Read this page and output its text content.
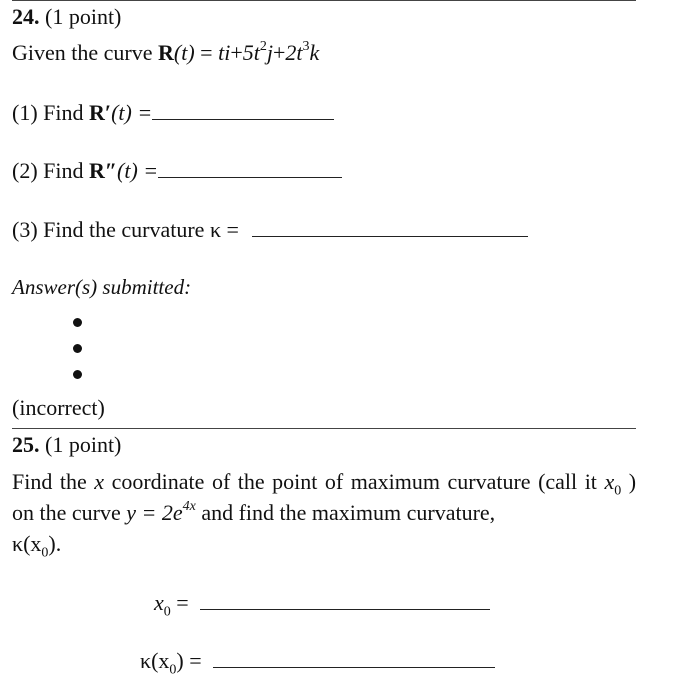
24. (1 point)
Given the curve $R(t) = ti+5t^2j+2t^3k$
(1) Find R′(t) =
(2) Find R″(t) =
(3) Find the curvature κ =
Answer(s) submitted:
(incorrect)
25. (1 point)
Find the x coordinate of the point of maximum curvature (call it $x_0$ ) on the curve $y = 2e^{4x}$ and find the maximum curvature,
$\kappa(x_0)$.
$x_0$ =
$\kappa(x_0)$ =
